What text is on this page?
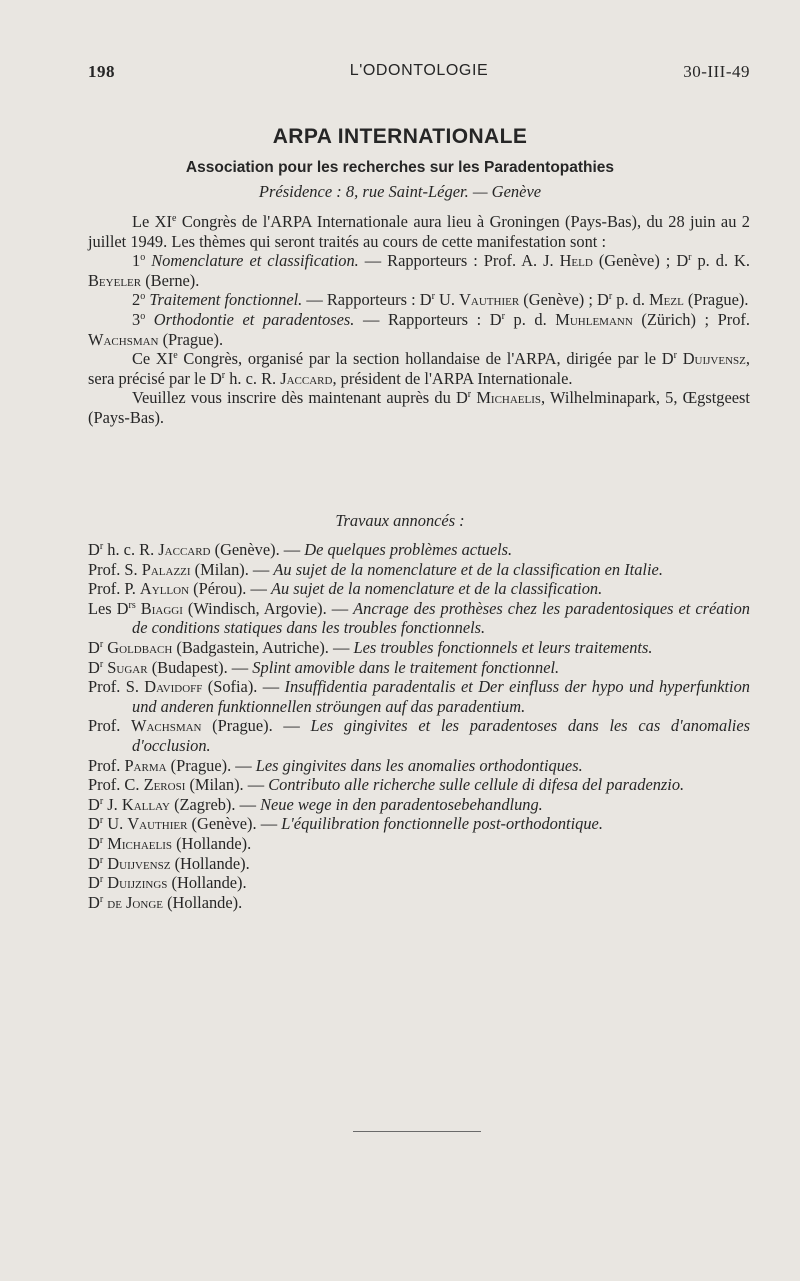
198	L'ODONTOLOGIE	30-III-49
ARPA INTERNATIONALE
Association pour les recherches sur les Paradentopathies
Présidence : 8, rue Saint-Léger. — Genève

Le XIe Congrès de l'ARPA Internationale aura lieu à Groningen (Pays-Bas), du 28 juin au 2 juillet 1949. Les thèmes qui seront traités au cours de cette manifestation sont :

1$^o$ Nomenclature et classification. — Rapporteurs : Prof. A. J. Held (Genève) ; $D^r$ p. d. K. Beyeler (Berne).

2$^o$ Traitement fonctionnel. — Rapporteurs : $D^r$ U. Vauthier (Genève) ; $D^r$ p. d. Mezl (Prague).

3$^o$ Orthodontie et paradentoses. — Rapporteurs : $D^r$ p. d. Muhlemann (Zürich) ; Prof. Wachsman (Prague).

Ce XIe Congrès, organisé par la section hollandaise de l'ARPA, dirigée par le $D^r$ Duijvensz, sera précisé par le $D^r$ h. c. R. Jaccard, président de l'ARPA Internationale.

Veuillez vous inscrire dès maintenant auprès du $D^r$ Michaelis, Wilhelminapark, 5, Œgstgeest (Pays-Bas).

Travaux annoncés :

$D^r$ h. c. R. Jaccard (Genève). — De quelques problèmes actuels.

Prof. S. Palazzi (Milan). — Au sujet de la nomenclature et de la classification en Italie.

Prof. P. Ayllon (Pérou). — Au sujet de la nomenclature et de la classification.

Les $D^{rs}$ Biaggi (Windisch, Argovie). — Ancrage des prothèses chez les paradentosiques et création de conditions statiques dans les troubles fonctionnels.

$D^r$ Goldbach (Badgastein, Autriche). — Les troubles fonctionnels et leurs traitements.

$D^r$ Sugar (Budapest). — Splint amovible dans le traitement fonctionnel.

Prof. S. Davidoff (Sofia). — Insuffidentia paradentalis et Der einfluss der hypo und hyperfunktion und anderen funktionnellen ströungen auf das paradentium.

Prof. Wachsman (Prague). — Les gingivites et les paradentoses dans les cas d'anomalies d'occlusion.

Prof. Parma (Prague). — Les gingivites dans les anomalies orthodontiques.

Prof. C. Zerosi (Milan). — Contributo alle richerche sulle cellule di difesa del paradenzio.

$D^r$ J. Kallay (Zagreb). — Neue wege in den paradentosebehandlung.

$D^r$ U. Vauthier (Genève). — L'équilibration fonctionnelle post-orthodontique.

$D^r$ Michaelis (Hollande).

$D^r$ Duijvensz (Hollande).

$D^r$ Duijzings (Hollande).

$D^r$ de Jonge (Hollande).
